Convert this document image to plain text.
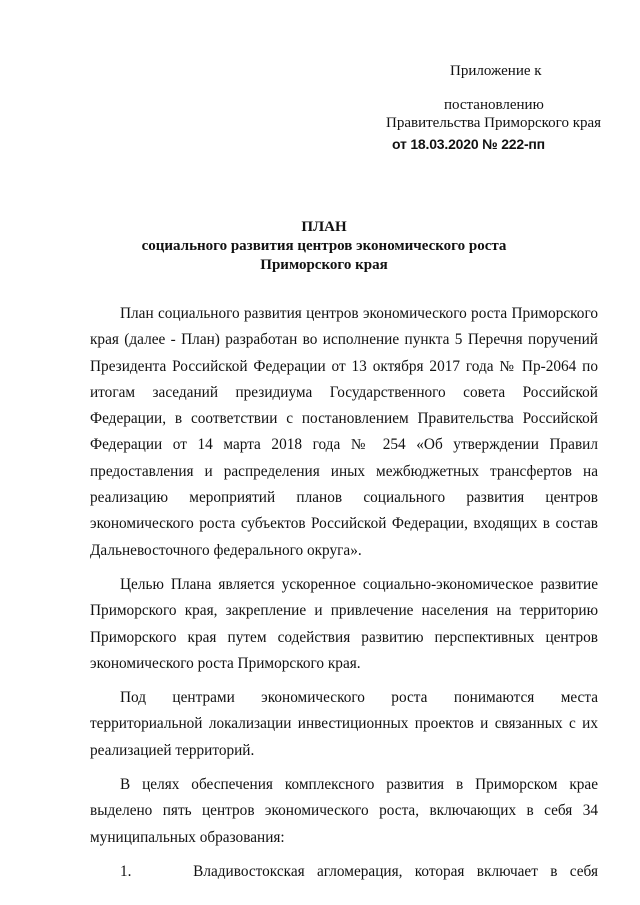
Приложение к
постановлению
Правительства Приморского края
от 18.03.2020 № 222-пп
ПЛАН
социального развития центров экономического роста
Приморского края

План социального развития центров экономического роста Приморского края (далее - План) разработан во исполнение пункта 5 Перечня поручений Президента Российской Федерации от 13 октября 2017 года № Пр-2064 по итогам заседаний президиума Государственного совета Российской Федерации, в соответствии с постановлением Правительства Российской Федерации от 14 марта 2018 года № 254 «Об утверждении Правил предоставления и распределения иных межбюджетных трансфертов на реализацию мероприятий планов социального развития центров экономического роста субъектов Российской Федерации, входящих в состав Дальневосточного федерального округа».

Целью Плана является ускоренное социально-экономическое развитие Приморского края, закрепление и привлечение населения на территорию Приморского края путем содействия развитию перспективных центров экономического роста Приморского края.

Под центрами экономического роста понимаются места территориальной локализации инвестиционных проектов и связанных с их реализацией территорий.

В целях обеспечения комплексного развития в Приморском крае выделено пять центров экономического роста, включающих в себя 34 муниципальных образования:

1.     Владивостокская агломерация, которая включает в себя
